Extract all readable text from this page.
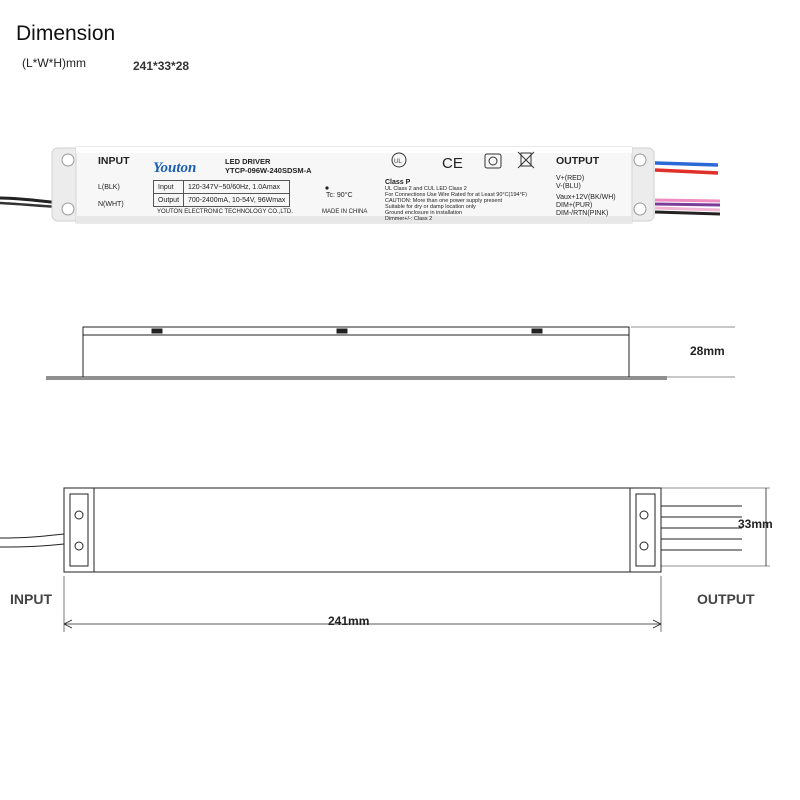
Dimension
(L*W*H)mm	241*33*28
Youton	UL	CE
INPUT	OUTPUT
LED DRIVER
YTCP-096W-240SDSM-A
L(BLK)
N(WHT)
Input	120-347V~50/60Hz, 1.0Amax
Output	700-2400mA, 10-54V, 96Wmax
Tc: 90°C
YOUTON ELECTRONIC TECHNOLOGY CO.,LTD.	MADE IN CHINA
Class P
UL Class 2 and CUL LED Class 2
For Connections Use Wire Rated for at Least 90°C(194°F)
CAUTION: More than one power supply present
Suitable for dry or damp location only
Ground enclosure in installation
Dimmer+/-: Class 2
V+(RED)
V-(BLU)
Vaux+12V(BK/WH)
DIM+(PUR)
DIM-/RTN(PINK)
28mm
33mm
241mm
INPUT	OUTPUT
